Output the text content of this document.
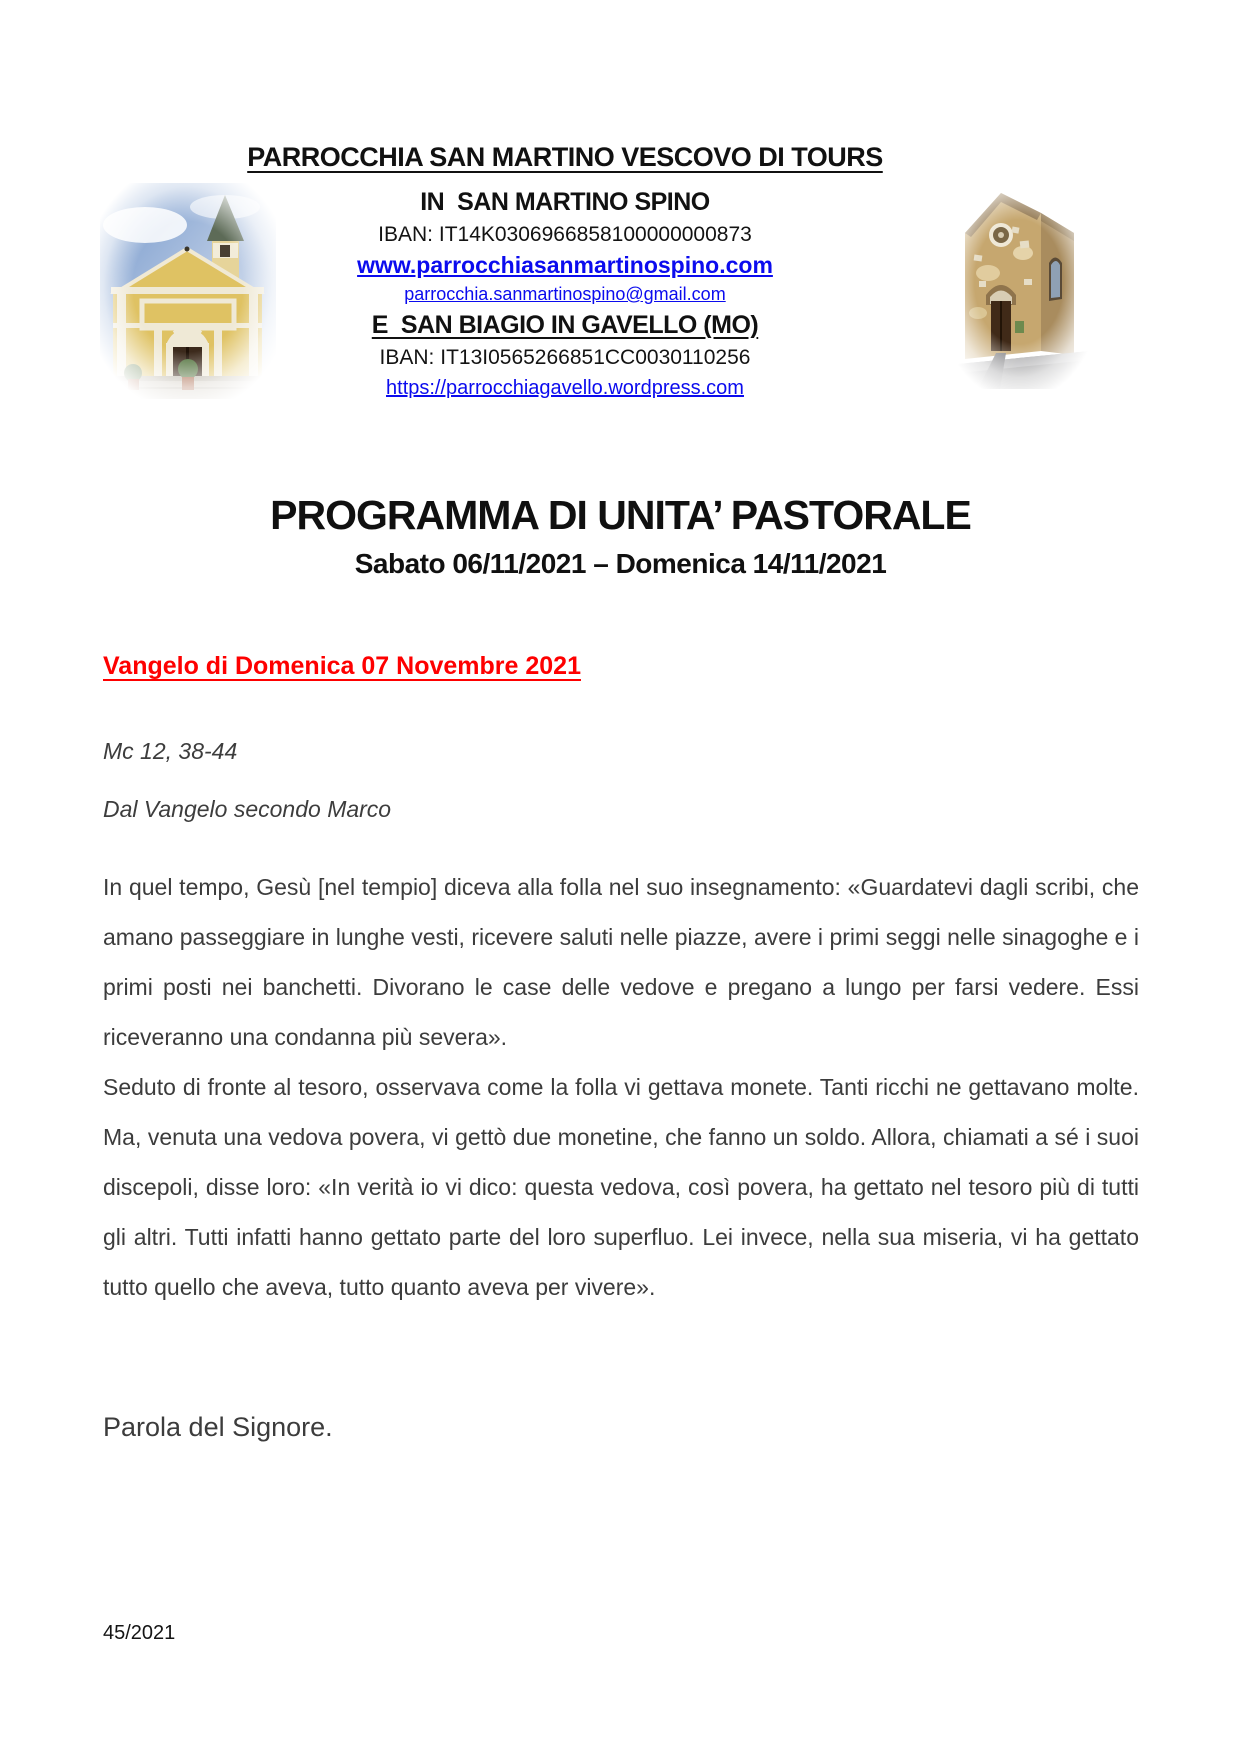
PARROCCHIA SAN MARTINO VESCOVO DI TOURS

IN  SAN MARTINO SPINO

IBAN: IT14K0306966858100000000873

www.parrocchiasanmartinospino.com

parrocchia.sanmartinospino@gmail.com

E  SAN BIAGIO IN GAVELLO (MO)

IBAN: IT13I0565266851CC0030110256

https://parrocchiagavello.wordpress.com

PROGRAMMA DI UNITA’ PASTORALE

Sabato 06/11/2021 – Domenica 14/11/2021

Vangelo di Domenica 07 Novembre 2021

Mc 12, 38-44

Dal Vangelo secondo Marco

In quel tempo, Gesù [nel tempio] diceva alla folla nel suo insegnamento: «Guardatevi dagli scribi, che amano passeggiare in lunghe vesti, ricevere saluti nelle piazze, avere i primi seggi nelle sinagoghe e i primi posti nei banchetti. Divorano le case delle vedove e pregano a lungo per farsi vedere. Essi riceveranno una condanna più severa».

Seduto di fronte al tesoro, osservava come la folla vi gettava monete. Tanti ricchi ne gettavano molte. Ma, venuta una vedova povera, vi gettò due monetine, che fanno un soldo. Allora, chiamati a sé i suoi discepoli, disse loro: «In verità io vi dico: questa vedova, così povera, ha gettato nel tesoro più di tutti gli altri. Tutti infatti hanno gettato parte del loro superfluo. Lei invece, nella sua miseria, vi ha gettato tutto quello che aveva, tutto quanto aveva per vivere».

Parola del Signore.

45/2021
